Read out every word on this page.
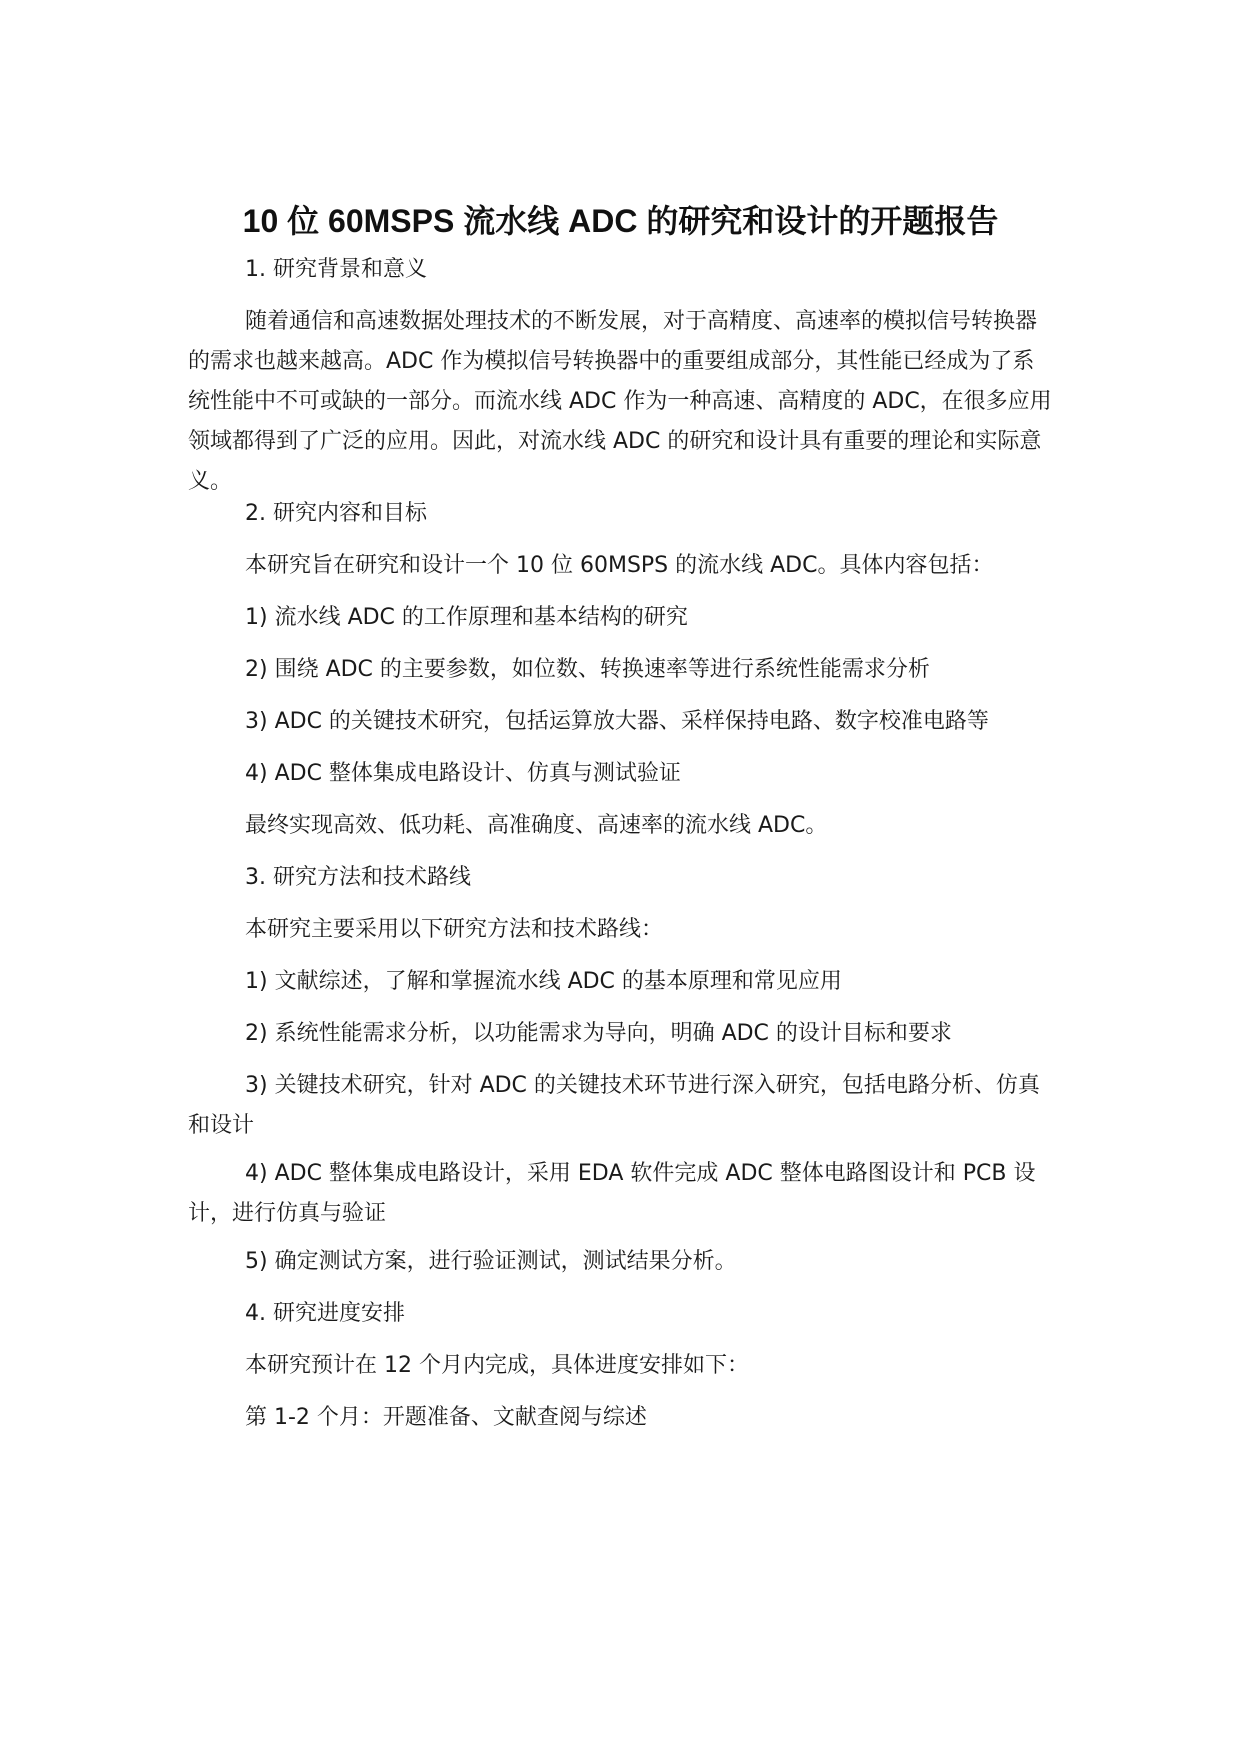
10 位 60MSPS 流水线 ADC 的研究和设计的开题报告

1. 研究背景和意义

随着通信和高速数据处理技术的不断发展，对于高精度、高速率的模拟信号转换器的需求也越来越高。ADC 作为模拟信号转换器中的重要组成部分，其性能已经成为了系统性能中不可或缺的一部分。而流水线 ADC 作为一种高速、高精度的 ADC，在很多应用领域都得到了广泛的应用。因此，对流水线 ADC 的研究和设计具有重要的理论和实际意义。

2. 研究内容和目标

本研究旨在研究和设计一个 10 位 60MSPS 的流水线 ADC。具体内容包括：

1) 流水线 ADC 的工作原理和基本结构的研究

2) 围绕 ADC 的主要参数，如位数、转换速率等进行系统性能需求分析

3) ADC 的关键技术研究，包括运算放大器、采样保持电路、数字校准电路等

4) ADC 整体集成电路设计、仿真与测试验证

最终实现高效、低功耗、高准确度、高速率的流水线 ADC。

3. 研究方法和技术路线

本研究主要采用以下研究方法和技术路线：

1) 文献综述，了解和掌握流水线 ADC 的基本原理和常见应用

2) 系统性能需求分析，以功能需求为导向，明确 ADC 的设计目标和要求

3) 关键技术研究，针对 ADC 的关键技术环节进行深入研究，包括电路分析、仿真和设计

4) ADC 整体集成电路设计，采用 EDA 软件完成 ADC 整体电路图设计和 PCB 设计，进行仿真与验证

5) 确定测试方案，进行验证测试，测试结果分析。

4. 研究进度安排

本研究预计在 12 个月内完成，具体进度安排如下：

第 1-2 个月：开题准备、文献查阅与综述
